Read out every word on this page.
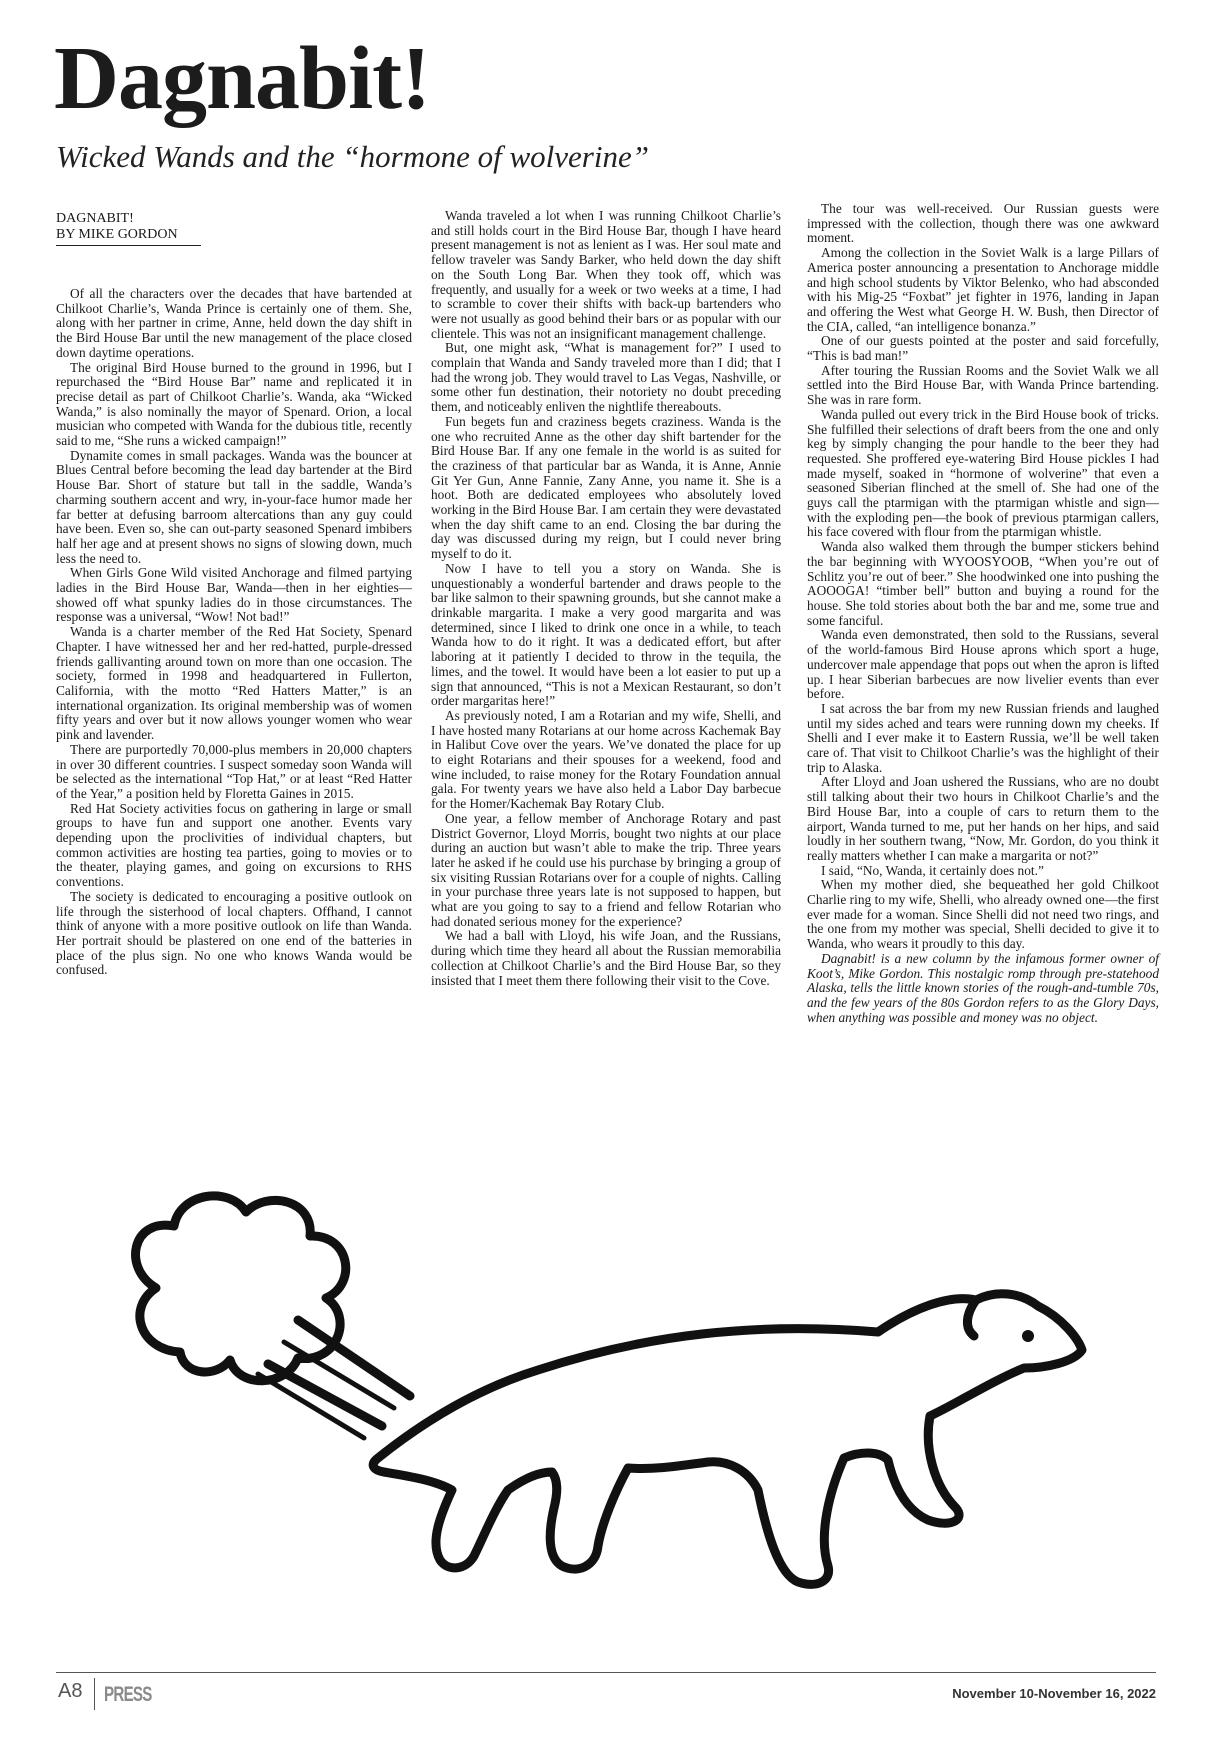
Dagnabit!
Wicked Wands and the “hormone of wolverine”
DAGNABIT!
BY MIKE GORDON

Of all the characters over the decades that have bartended at Chilkoot Charlie’s, Wanda Prince is certainly one of them. She, along with her partner in crime, Anne, held down the day shift in the Bird House Bar until the new management of the place closed down daytime operations.

The original Bird House burned to the ground in 1996, but I repurchased the “Bird House Bar” name and replicated it in precise detail as part of Chilkoot Charlie’s. Wanda, aka “Wicked Wanda,” is also nominally the mayor of Spenard. Orion, a local musician who competed with Wanda for the dubious title, recently said to me, “She runs a wicked campaign!”

Dynamite comes in small packages. Wanda was the bouncer at Blues Central before becoming the lead day bartender at the Bird House Bar. Short of stature but tall in the saddle, Wanda’s charming southern accent and wry, in-your-face humor made her far better at defusing barroom altercations than any guy could have been. Even so, she can out-party seasoned Spenard imbibers half her age and at present shows no signs of slowing down, much less the need to.

When Girls Gone Wild visited Anchorage and filmed partying ladies in the Bird House Bar, Wanda—then in her eighties—showed off what spunky ladies do in those circumstances. The response was a universal, “Wow! Not bad!”

Wanda is a charter member of the Red Hat Society, Spenard Chapter. I have witnessed her and her red-hatted, purple-dressed friends gallivanting around town on more than one occasion. The society, formed in 1998 and headquartered in Fullerton, California, with the motto “Red Hatters Matter,” is an international organization. Its original membership was of women fifty years and over but it now allows younger women who wear pink and lavender.

There are purportedly 70,000-plus members in 20,000 chapters in over 30 different countries. I suspect someday soon Wanda will be selected as the international “Top Hat,” or at least “Red Hatter of the Year,” a position held by Floretta Gaines in 2015.

Red Hat Society activities focus on gathering in large or small groups to have fun and support one another. Events vary depending upon the proclivities of individual chapters, but common activities are hosting tea parties, going to movies or to the theater, playing games, and going on excursions to RHS conventions.

The society is dedicated to encouraging a positive outlook on life through the sisterhood of local chapters. Offhand, I cannot think of anyone with a more positive outlook on life than Wanda. Her portrait should be plastered on one end of the batteries in place of the plus sign. No one who knows Wanda would be confused.

Wanda traveled a lot when I was running Chilkoot Charlie’s and still holds court in the Bird House Bar, though I have heard present management is not as lenient as I was. Her soul mate and fellow traveler was Sandy Barker, who held down the day shift on the South Long Bar. When they took off, which was frequently, and usually for a week or two weeks at a time, I had to scramble to cover their shifts with back-up bartenders who were not usually as good behind their bars or as popular with our clientele. This was not an insignificant management challenge.

But, one might ask, “What is management for?” I used to complain that Wanda and Sandy traveled more than I did; that I had the wrong job. They would travel to Las Vegas, Nashville, or some other fun destination, their notoriety no doubt preceding them, and noticeably enliven the nightlife thereabouts.

Fun begets fun and craziness begets craziness. Wanda is the one who recruited Anne as the other day shift bartender for the Bird House Bar. If any one female in the world is as suited for the craziness of that particular bar as Wanda, it is Anne, Annie Git Yer Gun, Anne Fannie, Zany Anne, you name it. She is a hoot. Both are dedicated employees who absolutely loved working in the Bird House Bar. I am certain they were devastated when the day shift came to an end. Closing the bar during the day was discussed during my reign, but I could never bring myself to do it.

Now I have to tell you a story on Wanda. She is unquestionably a wonderful bartender and draws people to the bar like salmon to their spawning grounds, but she cannot make a drinkable margarita. I make a very good margarita and was determined, since I liked to drink one once in a while, to teach Wanda how to do it right. It was a dedicated effort, but after laboring at it patiently I decided to throw in the tequila, the limes, and the towel. It would have been a lot easier to put up a sign that announced, “This is not a Mexican Restaurant, so don’t order margaritas here!”

As previously noted, I am a Rotarian and my wife, Shelli, and I have hosted many Rotarians at our home across Kachemak Bay in Halibut Cove over the years. We’ve donated the place for up to eight Rotarians and their spouses for a weekend, food and wine included, to raise money for the Rotary Foundation annual gala. For twenty years we have also held a Labor Day barbecue for the Homer/Kachemak Bay Rotary Club.

One year, a fellow member of Anchorage Rotary and past District Governor, Lloyd Morris, bought two nights at our place during an auction but wasn’t able to make the trip. Three years later he asked if he could use his purchase by bringing a group of six visiting Russian Rotarians over for a couple of nights. Calling in your purchase three years late is not supposed to happen, but what are you going to say to a friend and fellow Rotarian who had donated serious money for the experience?

We had a ball with Lloyd, his wife Joan, and the Russians, during which time they heard all about the Russian memorabilia collection at Chilkoot Charlie’s and the Bird House Bar, so they insisted that I meet them there following their visit to the Cove.

The tour was well-received. Our Russian guests were impressed with the collection, though there was one awkward moment.

Among the collection in the Soviet Walk is a large Pillars of America poster announcing a presentation to Anchorage middle and high school students by Viktor Belenko, who had absconded with his Mig-25 “Foxbat” jet fighter in 1976, landing in Japan and offering the West what George H. W. Bush, then Director of the CIA, called, “an intelligence bonanza.”

One of our guests pointed at the poster and said forcefully, “This is bad man!”

After touring the Russian Rooms and the Soviet Walk we all settled into the Bird House Bar, with Wanda Prince bartending. She was in rare form.

Wanda pulled out every trick in the Bird House book of tricks. She fulfilled their selections of draft beers from the one and only keg by simply changing the pour handle to the beer they had requested. She proffered eye-watering Bird House pickles I had made myself, soaked in “hormone of wolverine” that even a seasoned Siberian flinched at the smell of. She had one of the guys call the ptarmigan with the ptarmigan whistle and sign—with the exploding pen—the book of previous ptarmigan callers, his face covered with flour from the ptarmigan whistle.

Wanda also walked them through the bumper stickers behind the bar beginning with WYOOSYOOB, “When you’re out of Schlitz you’re out of beer.” She hoodwinked one into pushing the AOOOGA! “timber bell” button and buying a round for the house. She told stories about both the bar and me, some true and some fanciful.

Wanda even demonstrated, then sold to the Russians, several of the world-famous Bird House aprons which sport a huge, undercover male appendage that pops out when the apron is lifted up. I hear Siberian barbecues are now livelier events than ever before.

I sat across the bar from my new Russian friends and laughed until my sides ached and tears were running down my cheeks. If Shelli and I ever make it to Eastern Russia, we’ll be well taken care of. That visit to Chilkoot Charlie’s was the highlight of their trip to Alaska.

After Lloyd and Joan ushered the Russians, who are no doubt still talking about their two hours in Chilkoot Charlie’s and the Bird House Bar, into a couple of cars to return them to the airport, Wanda turned to me, put her hands on her hips, and said loudly in her southern twang, “Now, Mr. Gordon, do you think it really matters whether I can make a margarita or not?”

I said, “No, Wanda, it certainly does not.”

When my mother died, she bequeathed her gold Chilkoot Charlie ring to my wife, Shelli, who already owned one—the first ever made for a woman. Since Shelli did not need two rings, and the one from my mother was special, Shelli decided to give it to Wanda, who wears it proudly to this day.

Dagnabit! is a new column by the infamous former owner of Koot’s, Mike Gordon. This nostalgic romp through pre-statehood Alaska, tells the little known stories of the rough-and-tumble 70s, and the few years of the 80s Gordon refers to as the Glory Days, when anything was possible and money was no object.

A8 PRESS	November 10-November 16, 2022
